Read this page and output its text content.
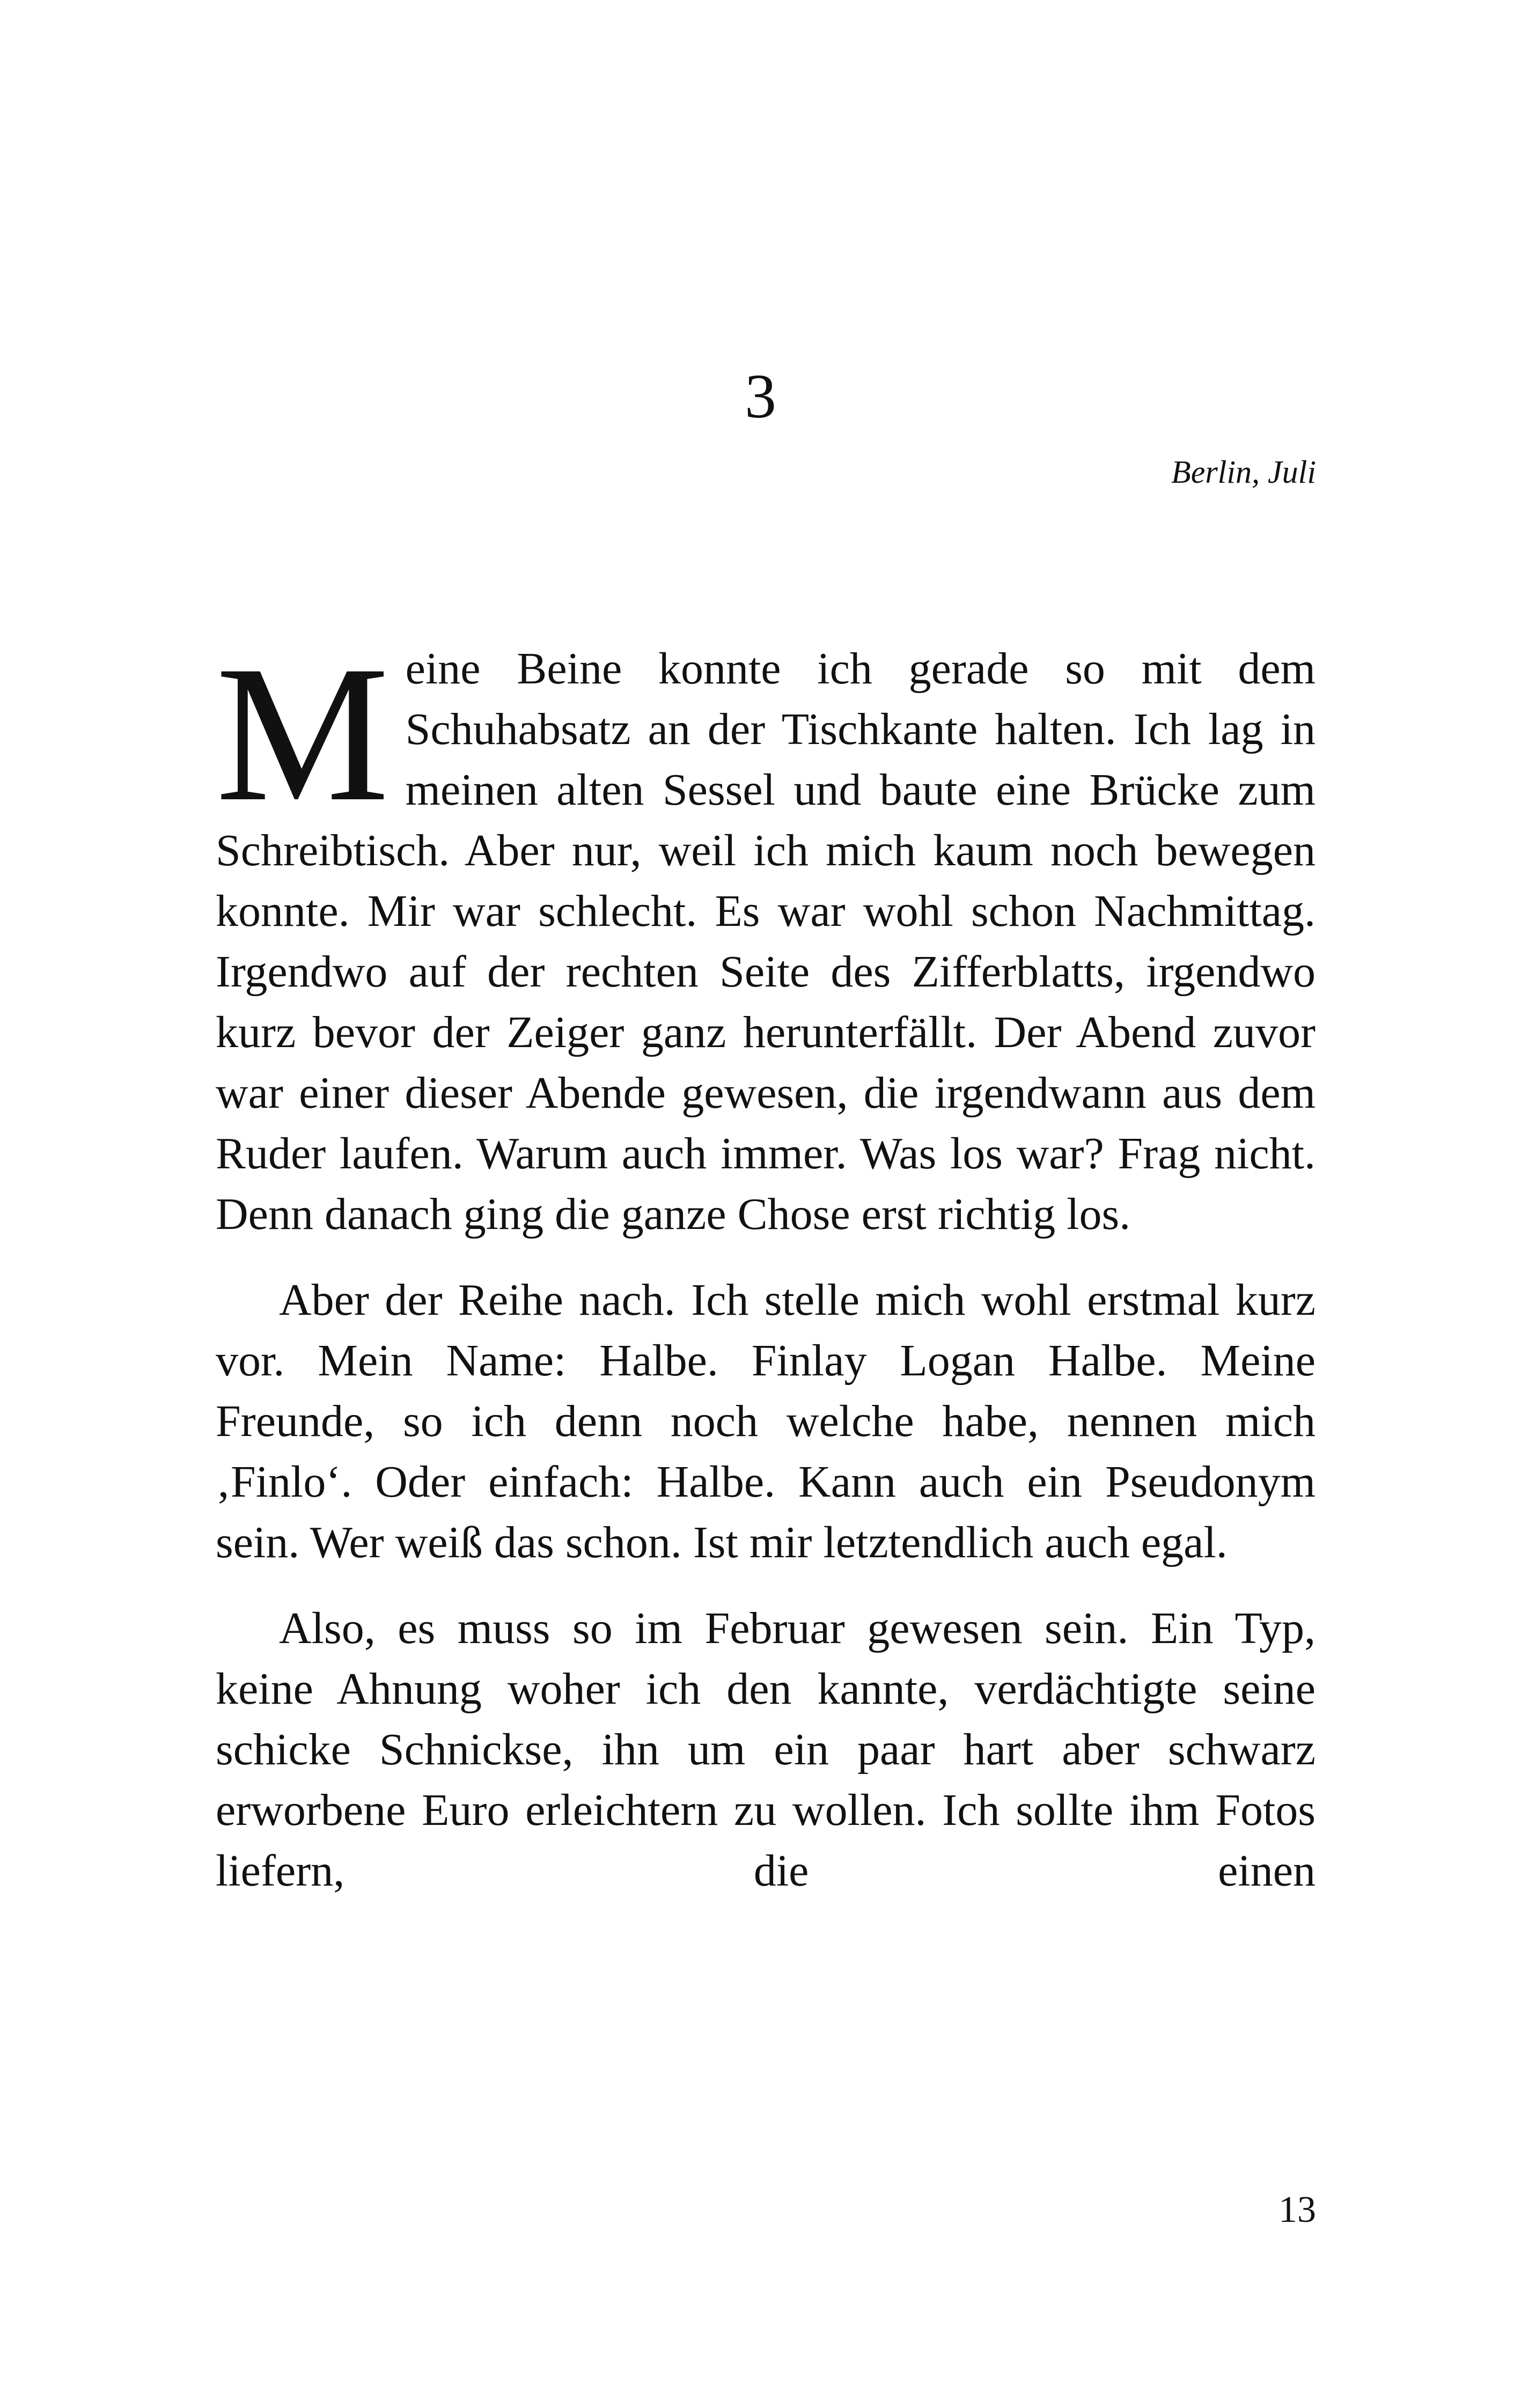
3
Berlin, Juli

Meine Beine konnte ich gerade so mit dem Schuhabsatz an der Tischkante halten. Ich lag in meinen alten Sessel und baute eine Brücke zum Schreibtisch. Aber nur, weil ich mich kaum noch bewegen konnte. Mir war schlecht. Es war wohl schon Nachmittag. Irgendwo auf der rechten Seite des Zifferblatts, irgendwo kurz bevor der Zeiger ganz herunterfällt. Der Abend zuvor war einer dieser Abende gewesen, die irgendwann aus dem Ruder laufen. Warum auch immer. Was los war? Frag nicht. Denn danach ging die ganze Chose erst richtig los.

Aber der Reihe nach. Ich stelle mich wohl erstmal kurz vor. Mein Name: Halbe. Finlay Logan Halbe. Meine Freunde, so ich denn noch welche habe, nennen mich ‚Finlo‘. Oder einfach: Halbe. Kann auch ein Pseudonym sein. Wer weiß das schon. Ist mir letztendlich auch egal.

Also, es muss so im Februar gewesen sein. Ein Typ, keine Ahnung woher ich den kannte, verdächtigte seine schicke Schnickse, ihn um ein paar hart aber schwarz erworbene Euro erleichtern zu wollen. Ich sollte ihm Fotos liefern, die einen

13
